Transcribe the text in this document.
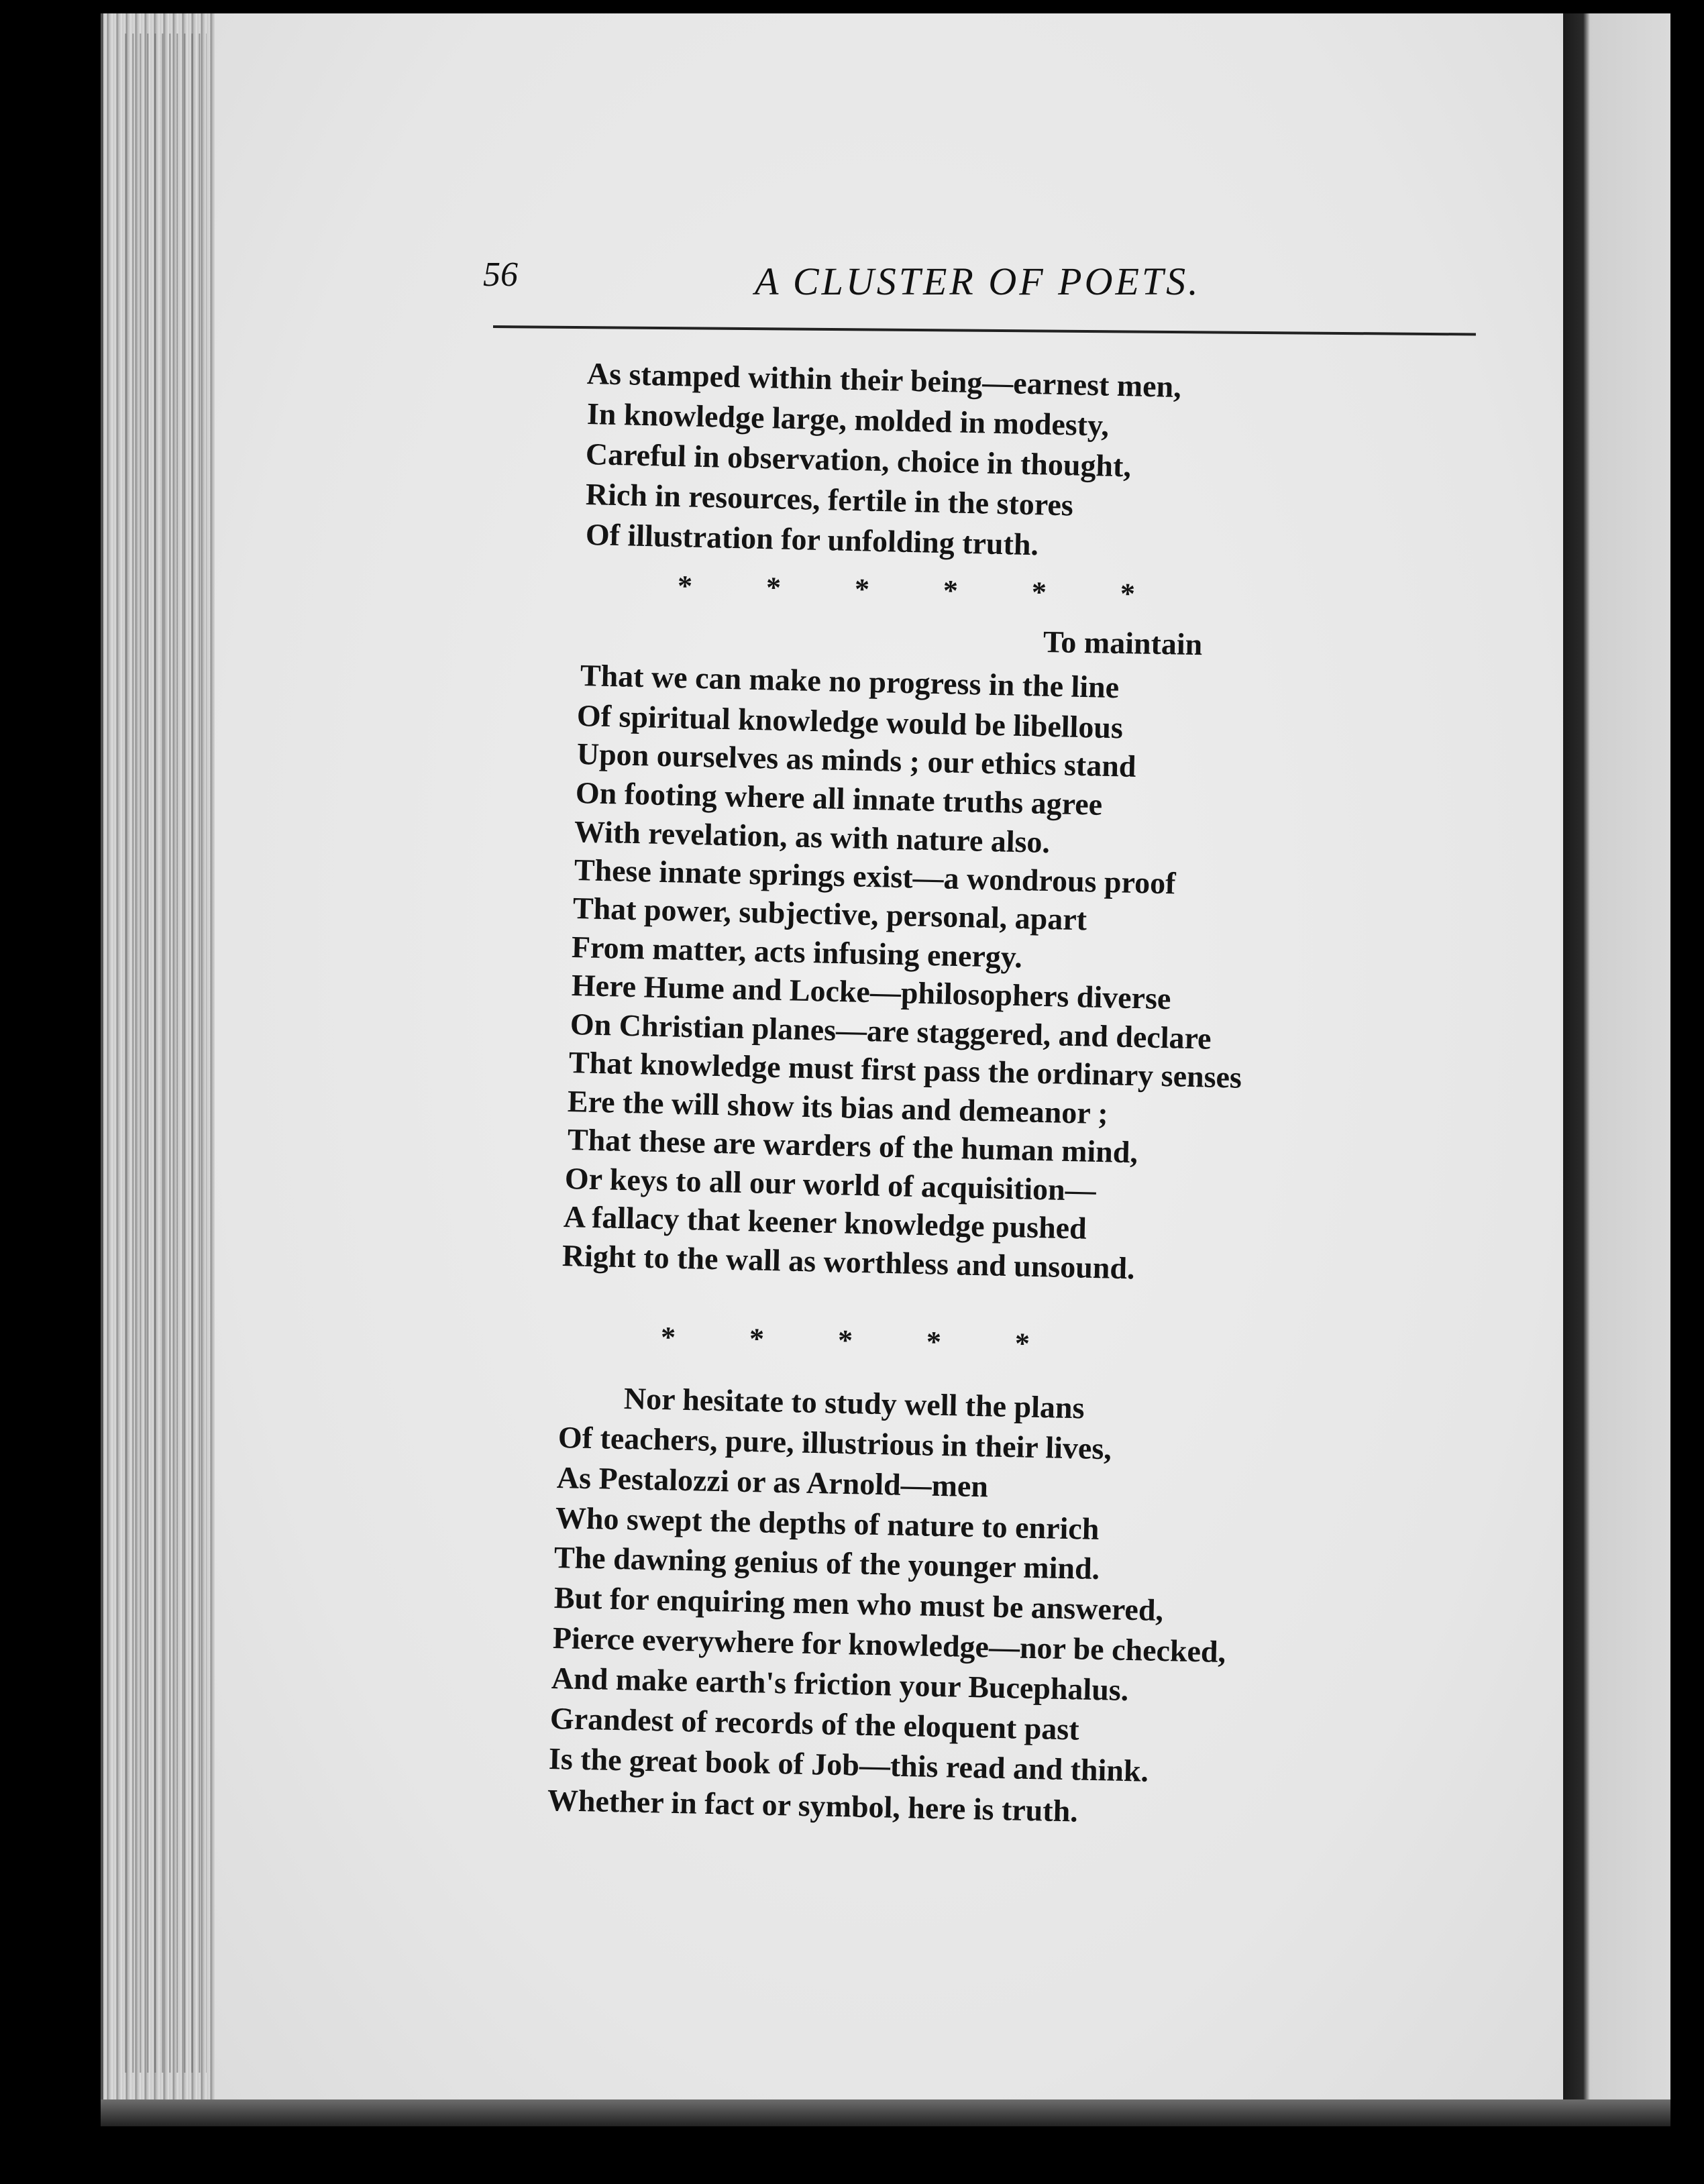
56	A CLUSTER OF POETS.
As stamped within their being—earnest men,
In knowledge large, molded in modesty,
Careful in observation, choice in thought,
Rich in resources, fertile in the stores
Of illustration for unfolding truth.
*          *          *          *          *          *
To maintain
That we can make no progress in the line
Of spiritual knowledge would be libellous
Upon ourselves as minds ; our ethics stand
On footing where all innate truths agree
With revelation, as with nature also.
These innate springs exist—a wondrous proof
That power, subjective, personal, apart
From matter, acts infusing energy.
Here Hume and Locke—philosophers diverse
On Christian planes—are staggered, and declare
That knowledge must first pass the ordinary senses
Ere the will show its bias and demeanor ;
That these are warders of the human mind,
Or keys to all our world of acquisition—
A fallacy that keener knowledge pushed
Right to the wall as worthless and unsound.
*          *          *          *          *
Nor hesitate to study well the plans
Of teachers, pure, illustrious in their lives,
As Pestalozzi or as Arnold—men
Who swept the depths of nature to enrich
The dawning genius of the younger mind.
But for enquiring men who must be answered,
Pierce everywhere for knowledge—nor be checked,
And make earth's friction your Bucephalus.
Grandest of records of the eloquent past
Is the great book of Job—this read and think.
Whether in fact or symbol, here is truth.
